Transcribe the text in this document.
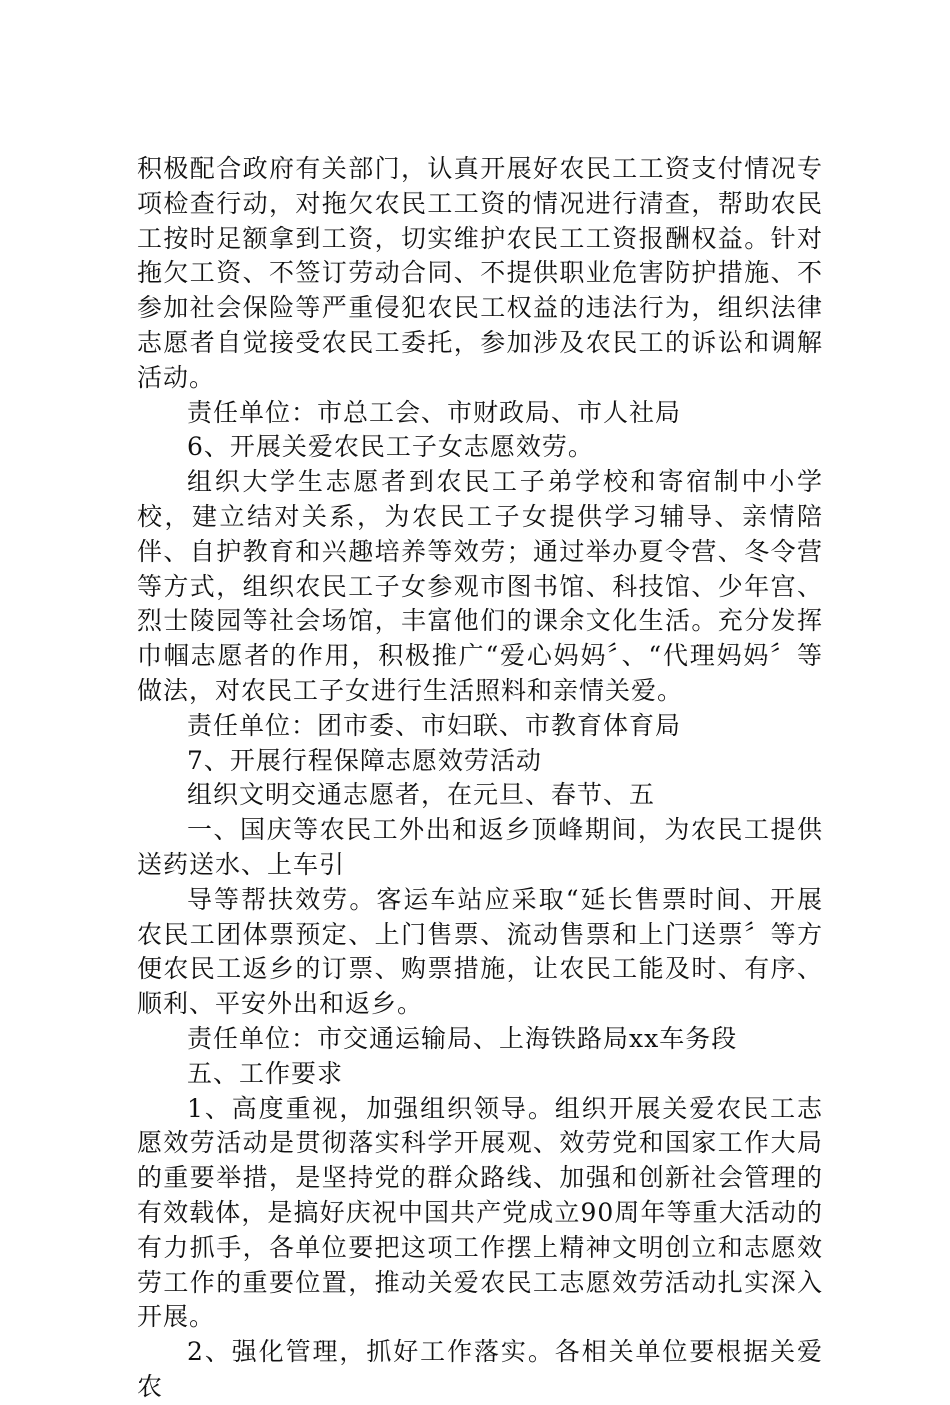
积极配合政府有关部门，认真开展好农民工工资支付情况专项检查行动，对拖欠农民工工资的情况进行清查，帮助农民工按时足额拿到工资，切实维护农民工工资报酬权益。针对拖欠工资、不签订劳动合同、不提供职业危害防护措施、不参加社会保险等严重侵犯农民工权益的违法行为，组织法律志愿者自觉接受农民工委托，参加涉及农民工的诉讼和调解活动。

责任单位：市总工会、市财政局、市人社局

6、开展关爱农民工子女志愿效劳。

组织大学生志愿者到农民工子弟学校和寄宿制中小学校，建立结对关系，为农民工子女提供学习辅导、亲情陪伴、自护教育和兴趣培养等效劳；通过举办夏令营、冬令营等方式，组织农民工子女参观市图书馆、科技馆、少年宫、烈士陵园等社会场馆，丰富他们的课余文化生活。充分发挥巾帼志愿者的作用，积极推广“爱心妈妈〞、“代理妈妈〞等做法，对农民工子女进行生活照料和亲情关爱。

责任单位：团市委、市妇联、市教育体育局

7、开展行程保障志愿效劳活动

组织文明交通志愿者，在元旦、春节、五

一、国庆等农民工外出和返乡顶峰期间，为农民工提供送药送水、上车引

导等帮扶效劳。客运车站应采取“延长售票时间、开展农民工团体票预定、上门售票、流动售票和上门送票〞等方便农民工返乡的订票、购票措施，让农民工能及时、有序、顺利、平安外出和返乡。

责任单位：市交通运输局、上海铁路局xx车务段

五、工作要求

1、高度重视，加强组织领导。组织开展关爱农民工志愿效劳活动是贯彻落实科学开展观、效劳党和国家工作大局的重要举措，是坚持党的群众路线、加强和创新社会管理的有效载体，是搞好庆祝中国共产党成立90周年等重大活动的有力抓手，各单位要把这项工作摆上精神文明创立和志愿效劳工作的重要位置，推动关爱农民工志愿效劳活动扎实深入开展。

2、强化管理，抓好工作落实。各相关单位要根据关爱农
